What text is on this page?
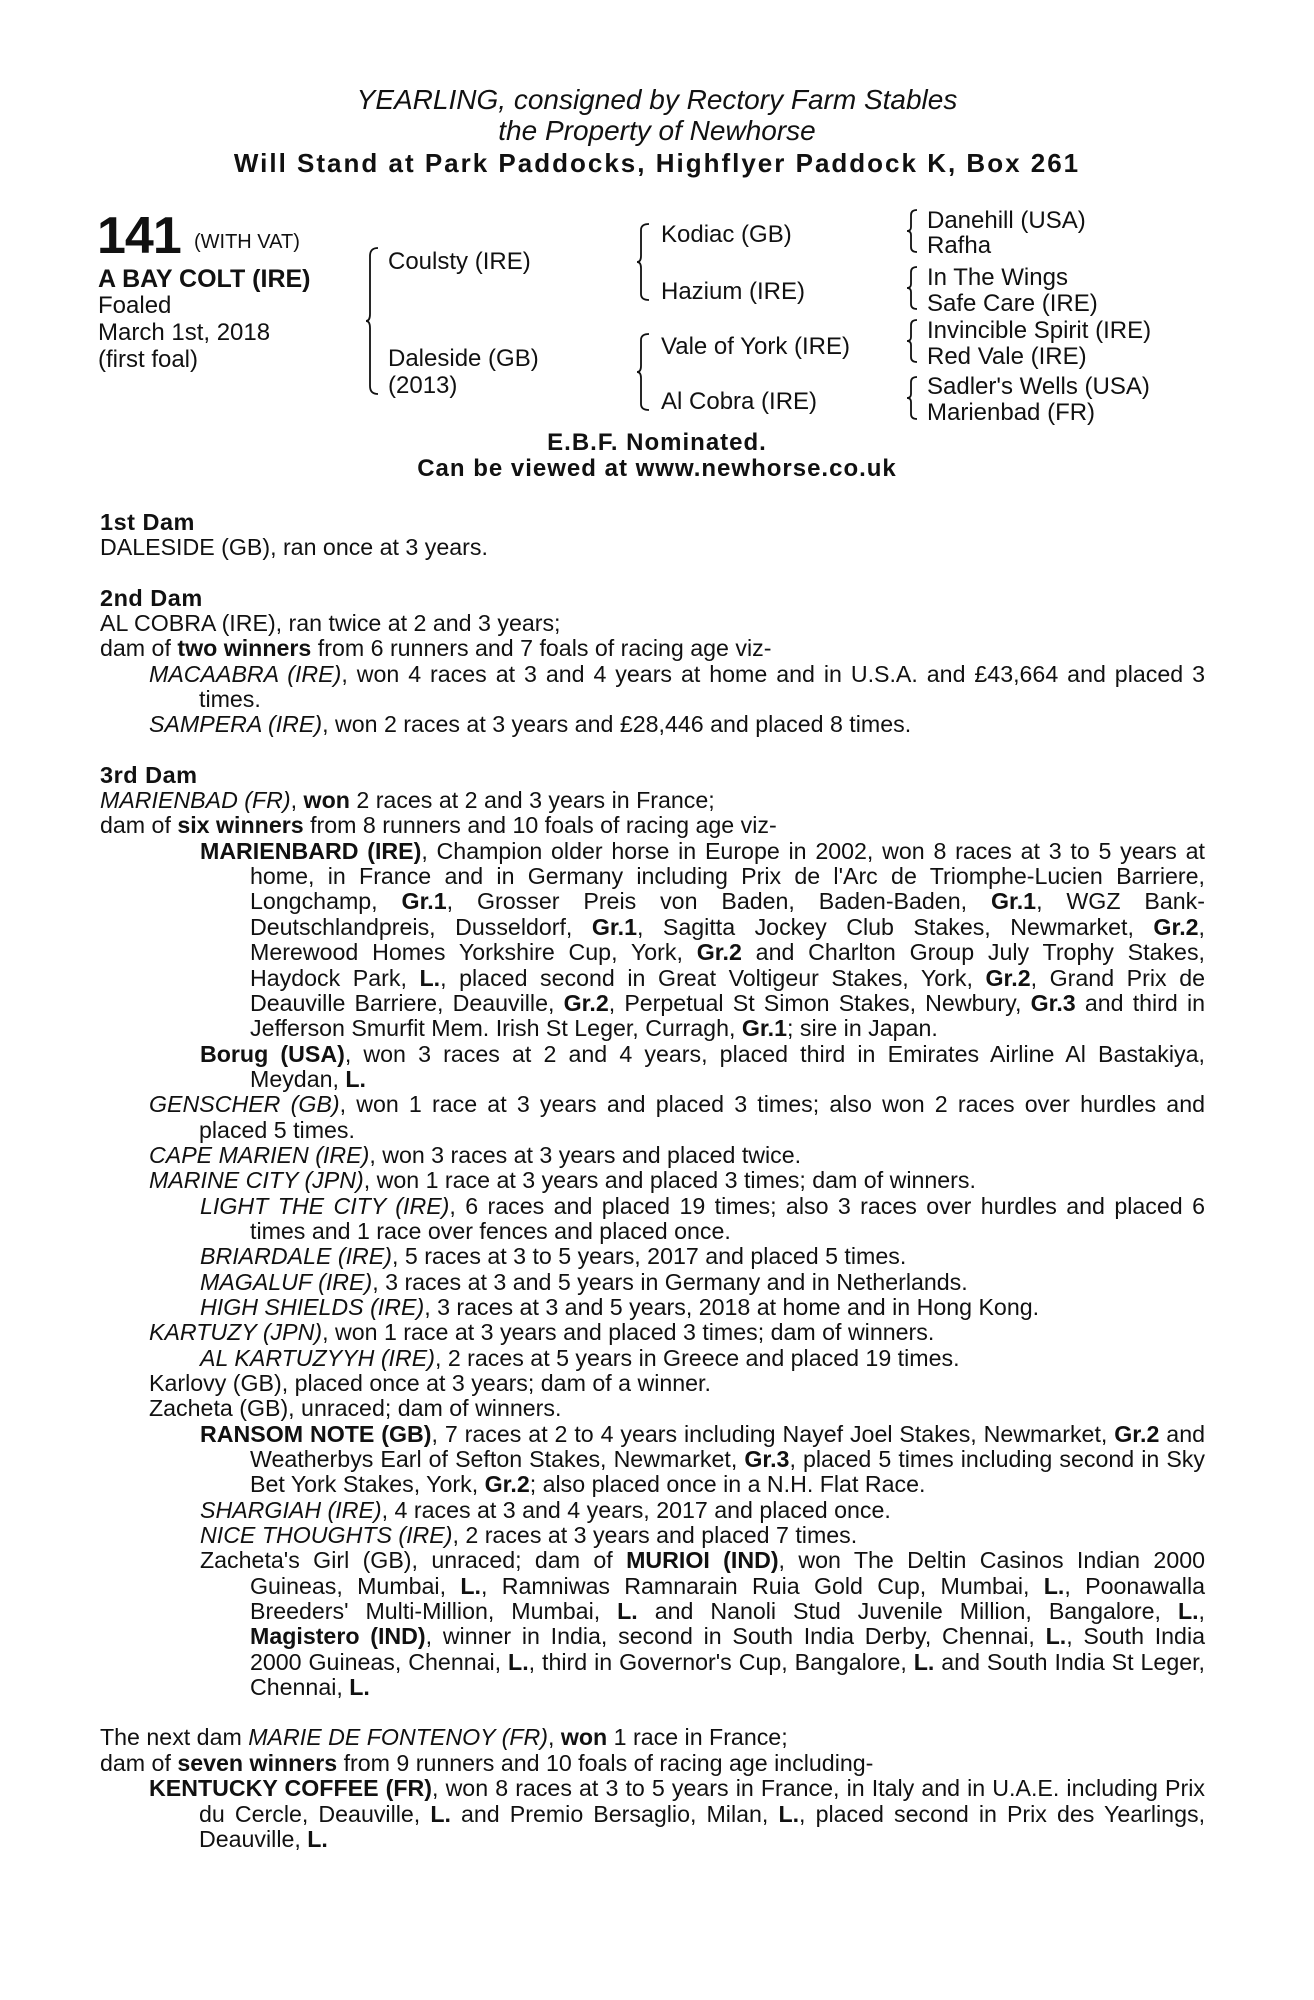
YEARLING, consigned by Rectory Farm Stables
the Property of Newhorse
Will Stand at Park Paddocks, Highflyer Paddock K, Box 261
141 (WITH VAT)
A BAY COLT (IRE)
Foaled
March 1st, 2018
(first foal)
Coulsty (IRE)
Daleside (GB)
(2013)
Kodiac (GB)
Hazium (IRE)
Vale of York (IRE)
Al Cobra (IRE)
Danehill (USA)
Rafha
In The Wings
Safe Care (IRE)
Invincible Spirit (IRE)
Red Vale (IRE)
Sadler's Wells (USA)
Marienbad (FR)
E.B.F. Nominated.
Can be viewed at www.newhorse.co.uk

1st Dam

DALESIDE (GB), ran once at 3 years.

2nd Dam

AL COBRA (IRE), ran twice at 2 and 3 years;

dam of two winners from 6 runners and 7 foals of racing age viz-

MACAABRA (IRE), won 4 races at 3 and 4 years at home and in U.S.A. and £43,664 and placed 3 times.

SAMPERA (IRE), won 2 races at 3 years and £28,446 and placed 8 times.

3rd Dam

MARIENBAD (FR), won 2 races at 2 and 3 years in France;

dam of six winners from 8 runners and 10 foals of racing age viz-

MARIENBARD (IRE), Champion older horse in Europe in 2002, won 8 races at 3 to 5 years at home, in France and in Germany including Prix de l'Arc de Triomphe-Lucien Barriere, Longchamp, Gr.1, Grosser Preis von Baden, Baden-Baden, Gr.1, WGZ Bank-Deutschlandpreis, Dusseldorf, Gr.1, Sagitta Jockey Club Stakes, Newmarket, Gr.2, Merewood Homes Yorkshire Cup, York, Gr.2 and Charlton Group July Trophy Stakes, Haydock Park, L., placed second in Great Voltigeur Stakes, York, Gr.2, Grand Prix de Deauville Barriere, Deauville, Gr.2, Perpetual St Simon Stakes, Newbury, Gr.3 and third in Jefferson Smurfit Mem. Irish St Leger, Curragh, Gr.1; sire in Japan.

Borug (USA), won 3 races at 2 and 4 years, placed third in Emirates Airline Al Bastakiya, Meydan, L.

GENSCHER (GB), won 1 race at 3 years and placed 3 times; also won 2 races over hurdles and placed 5 times.

CAPE MARIEN (IRE), won 3 races at 3 years and placed twice.

MARINE CITY (JPN), won 1 race at 3 years and placed 3 times; dam of winners.

LIGHT THE CITY (IRE), 6 races and placed 19 times; also 3 races over hurdles and placed 6 times and 1 race over fences and placed once.

BRIARDALE (IRE), 5 races at 3 to 5 years, 2017 and placed 5 times.

MAGALUF (IRE), 3 races at 3 and 5 years in Germany and in Netherlands.

HIGH SHIELDS (IRE), 3 races at 3 and 5 years, 2018 at home and in Hong Kong.

KARTUZY (JPN), won 1 race at 3 years and placed 3 times; dam of winners.

AL KARTUZYYH (IRE), 2 races at 5 years in Greece and placed 19 times.

Karlovy (GB), placed once at 3 years; dam of a winner.

Zacheta (GB), unraced; dam of winners.

RANSOM NOTE (GB), 7 races at 2 to 4 years including Nayef Joel Stakes, Newmarket, Gr.2 and Weatherbys Earl of Sefton Stakes, Newmarket, Gr.3, placed 5 times including second in Sky Bet York Stakes, York, Gr.2; also placed once in a N.H. Flat Race.

SHARGIAH (IRE), 4 races at 3 and 4 years, 2017 and placed once.

NICE THOUGHTS (IRE), 2 races at 3 years and placed 7 times.

Zacheta's Girl (GB), unraced; dam of MURIOI (IND), won The Deltin Casinos Indian 2000 Guineas, Mumbai, L., Ramniwas Ramnarain Ruia Gold Cup, Mumbai, L., Poonawalla Breeders' Multi-Million, Mumbai, L. and Nanoli Stud Juvenile Million, Bangalore, L., Magistero (IND), winner in India, second in South India Derby, Chennai, L., South India 2000 Guineas, Chennai, L., third in Governor's Cup, Bangalore, L. and South India St Leger, Chennai, L.

The next dam MARIE DE FONTENOY (FR), won 1 race in France;

dam of seven winners from 9 runners and 10 foals of racing age including-

KENTUCKY COFFEE (FR), won 8 races at 3 to 5 years in France, in Italy and in U.A.E. including Prix du Cercle, Deauville, L. and Premio Bersaglio, Milan, L., placed second in Prix des Yearlings, Deauville, L.
